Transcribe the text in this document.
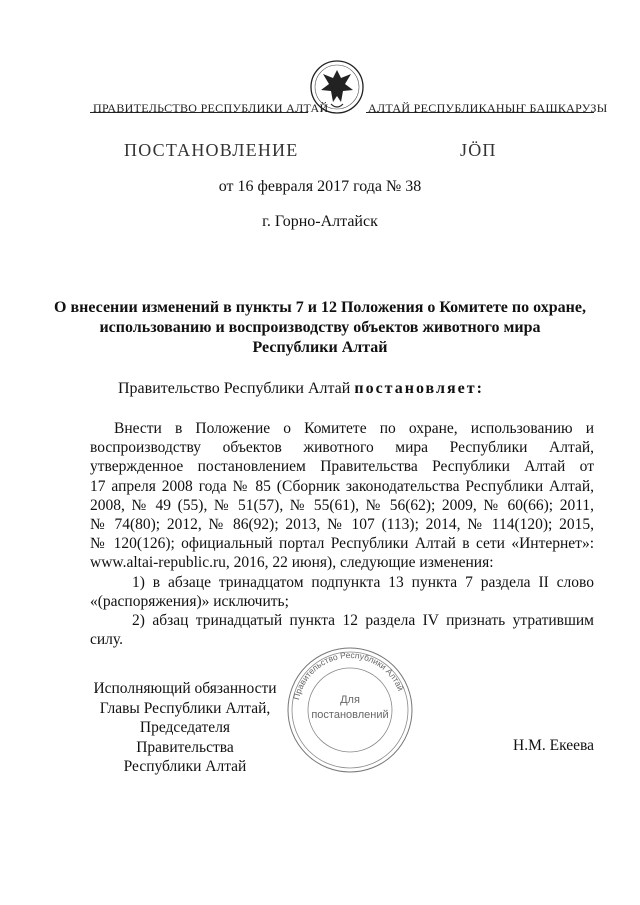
ПРАВИТЕЛЬСТВО РЕСПУБЛИКИ АЛТАЙ	АЛТАЙ РЕСПУБЛИКАНЫҤ БАШКАРУЗЫ
ПОСТАНОВЛЕНИЕ	JÖП
от 16 февраля 2017 года № 38
г. Горно-Алтайск
О внесении изменений в пункты 7 и 12 Положения о Комитете по охране,
использованию и воспроизводству объектов животного мира
Республики Алтай
Правительство Республики Алтай постановляет:
Внести в Положение о Комитете по охране, использованию и
воспроизводству объектов животного мира Республики Алтай,
утвержденное постановлением Правительства Республики Алтай от
17 апреля 2008 года № 85 (Сборник законодательства Республики Алтай,
2008, № 49 (55), № 51(57), № 55(61), № 56(62); 2009, № 60(66); 2011,
№ 74(80); 2012, № 86(92); 2013, № 107 (113); 2014, № 114(120); 2015,
№ 120(126); официальный портал Республики Алтай в сети «Интернет»:
www.altai-republic.ru, 2016, 22 июня), следующие изменения:
1) в абзаце тринадцатом подпункта 13 пункта 7 раздела II слово
«(распоряжения)» исключить;
2) абзац тринадцатый пункта 12 раздела IV признать утратившим
силу.
Правительство Республики Алтай
Для
постановлений
Исполняющий обязанности
Главы Республики Алтай,
Председателя Правительства
Республики Алтай
Н.М. Екеева
